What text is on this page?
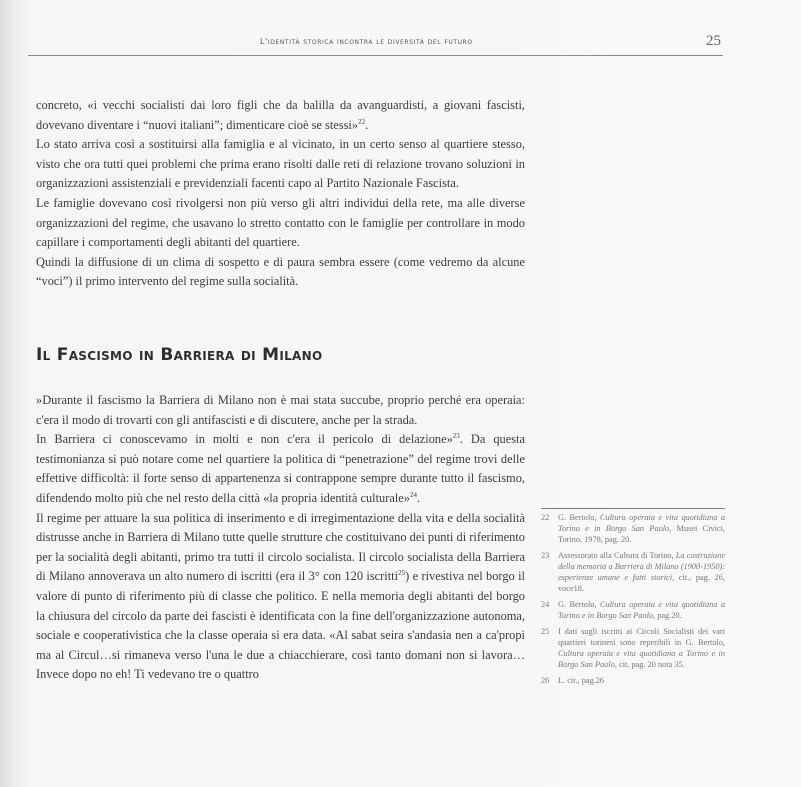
L'identità storica incontra le diversità del futuro	25

concreto, «i vecchi socialisti dai loro figli che da balilla da avanguardisti, a giovani fascisti, dovevano diventare i “nuovi italiani”; dimenticare cioè se stessi»$^{22}$.

Lo stato arriva così a sostituirsi alla famiglia e al vicinato, in un certo senso al quartiere stesso, visto che ora tutti quei problemi che prima erano risolti dalle reti di relazione trovano soluzioni in organizzazioni assistenziali e previdenziali facenti capo al Partito Nazionale Fascista.

Le famiglie dovevano così rivolgersi non più verso gli altri individui della rete, ma alle diverse organizzazioni del regime, che usavano lo stretto contatto con le famiglie per controllare in modo capillare i comportamenti degli abitanti del quartiere.

Quindi la diffusione di un clima di sospetto e di paura sembra essere (come vedremo da alcune “voci”) il primo intervento del regime sulla socialità.

Il Fascismo in Barriera di Milano

»Durante il fascismo la Barriera di Milano non è mai stata succube, proprio perché era operaia: c'era il modo di trovarti con gli antifascisti e di discutere, anche per la strada.

In Barriera ci conoscevamo in molti e non c'era il pericolo di delazione»$^{23}$. Da questa testimonianza si può notare come nel quartiere la politica di “penetrazione” del regime trovi delle effettive difficoltà: il forte senso di appartenenza si contrappone sempre durante tutto il fascismo, difendendo molto più che nel resto della città «la propria identità culturale»$^{24}$.

Il regime per attuare la sua politica di inserimento e di irregimentazione della vita e della socialità distrusse anche in Barriera di Milano tutte quelle strutture che costituivano dei punti di riferimento per la socialità degli abitanti, primo tra tutti il circolo socialista. Il circolo socialista della Barriera di Milano annoverava un alto numero di iscritti (era il 3° con 120 iscritti$^{25}$) e rivestiva nel borgo il valore di punto di riferimento più di classe che politico. E nella memoria degli abitanti del borgo la chiusura del circolo da parte dei fascisti è identificata con la fine dell'organizzazione autonoma, sociale e cooperativistica che la classe operaia si era data. «Al sabat seira s'andasia nen a ca'propi ma al Circul…si rimaneva verso l'una le due a chiacchierare, così tanto domani non si lavora…Invece dopo no eh! Ti vedevano tre o quattro

22	G. Bertolo, Cultura operaia e vita quotidiana a Torino e in Borgo San Paolo, Musei Civici, Torino, 1978, pag. 20.
23	Assessorato alla Cultura di Torino, La costruzione della memoria a Barriera di Milano (1900-1950): esperienze umane e fatti storici, cit., pag. 26, voce18.
24	G. Bertolo, Cultura operaia e vita quotidiana a Torino e in Borgo San Paolo, pag.20.
25	I dati sugli iscritti ai Circoli Socialisti dei vari quartieri torinesi sono reperibili in G. Bertolo, Cultura operaia e vita quotidiana a Torino e in Borgo San Paolo, cit. pag. 20 nota 35.
26	L. cit., pag.26
